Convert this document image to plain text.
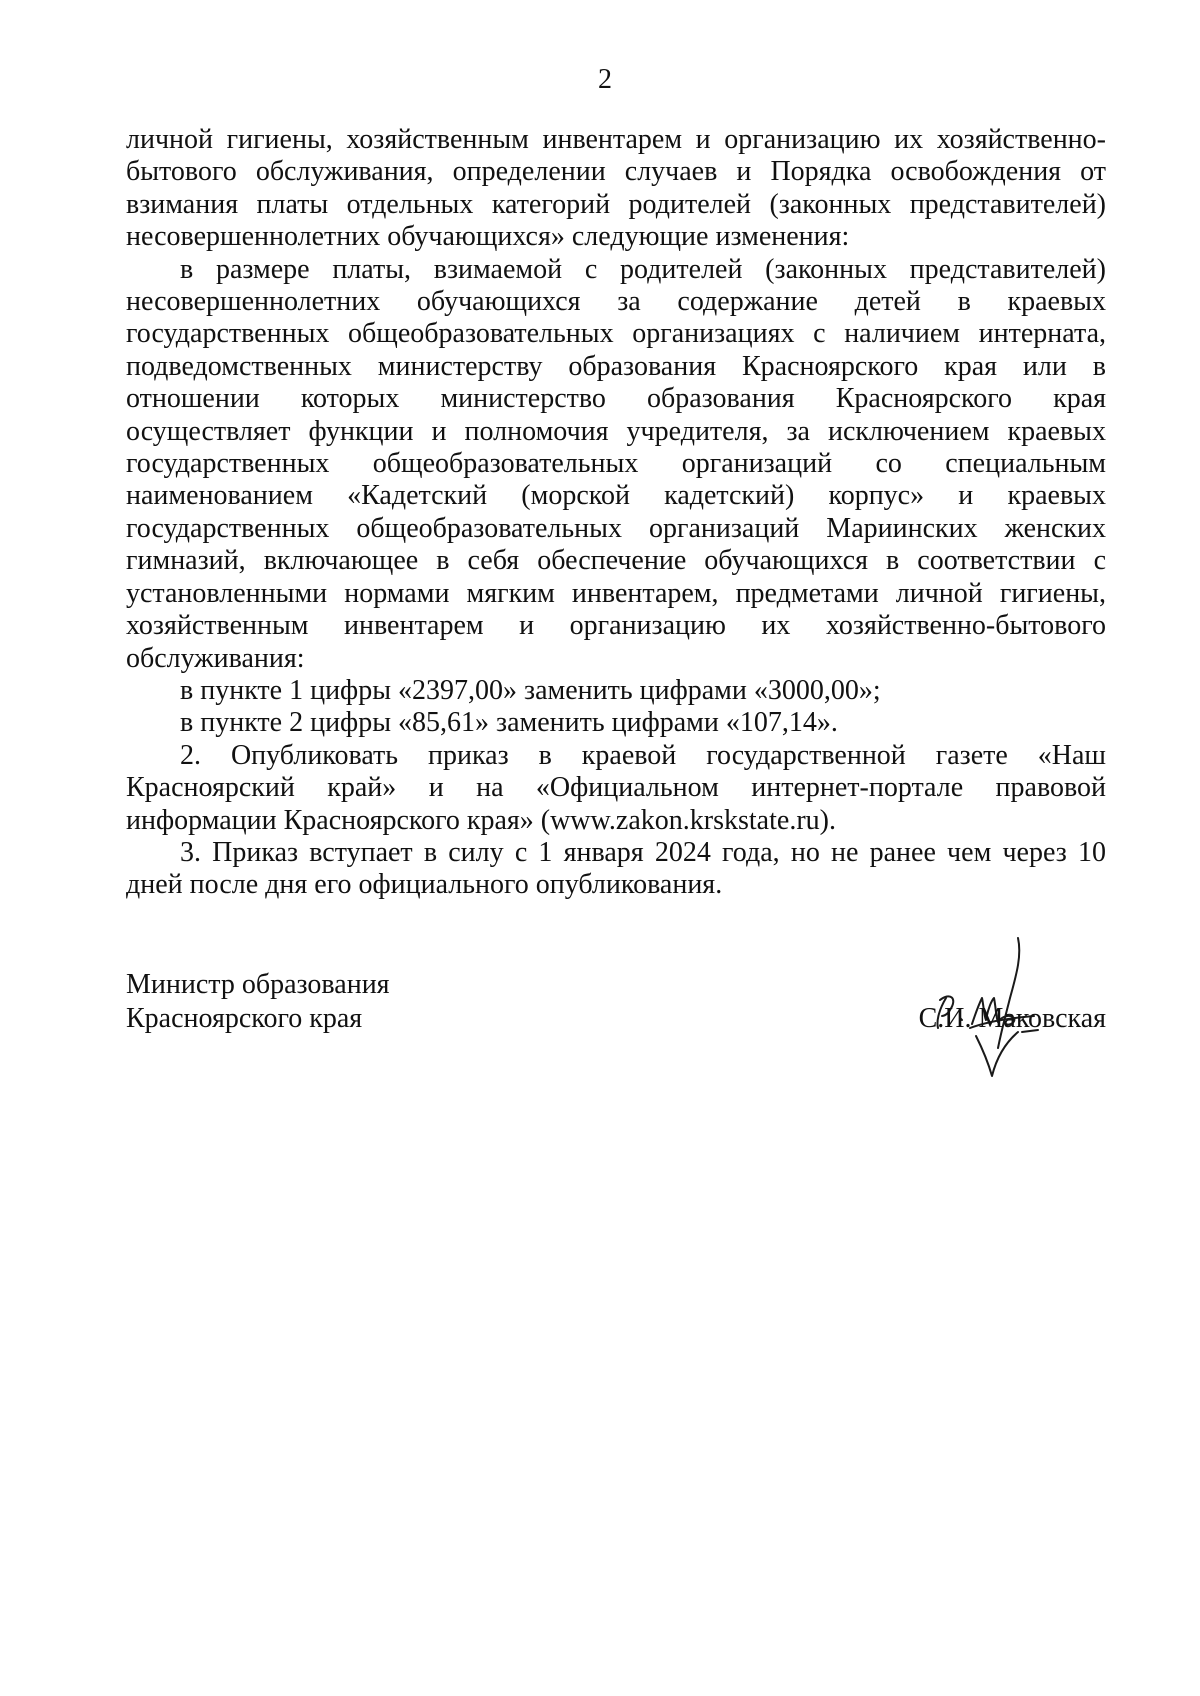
2

личной гигиены, хозяйственным инвентарем и организацию их хозяйственно-бытового обслуживания, определении случаев и Порядка освобождения от взимания платы отдельных категорий родителей (законных представителей) несовершеннолетних обучающихся» следующие изменения:

в размере платы, взимаемой с родителей (законных представителей) несовершеннолетних обучающихся за содержание детей в краевых государственных общеобразовательных организациях с наличием интерната, подведомственных министерству образования Красноярского края или в отношении которых министерство образования Красноярского края осуществляет функции и полномочия учредителя, за исключением краевых государственных общеобразовательных организаций со специальным наименованием «Кадетский (морской кадетский) корпус» и краевых государственных общеобразовательных организаций Мариинских женских гимназий, включающее в себя обеспечение обучающихся в соответствии с установленными нормами мягким инвентарем, предметами личной гигиены, хозяйственным инвентарем и организацию их хозяйственно-бытового обслуживания:

в пункте 1 цифры «2397,00» заменить цифрами «3000,00»;

в пункте 2 цифры «85,61» заменить цифрами «107,14».

2. Опубликовать приказ в краевой государственной газете «Наш Красноярский край» и на «Официальном интернет-портале правовой информации Красноярского края» (www.zakon.krskstate.ru).

3. Приказ вступает в силу с 1 января 2024 года, но не ранее чем через 10 дней после дня его официального опубликования.

Министр образования
Красноярского края	С.И. Маковская
